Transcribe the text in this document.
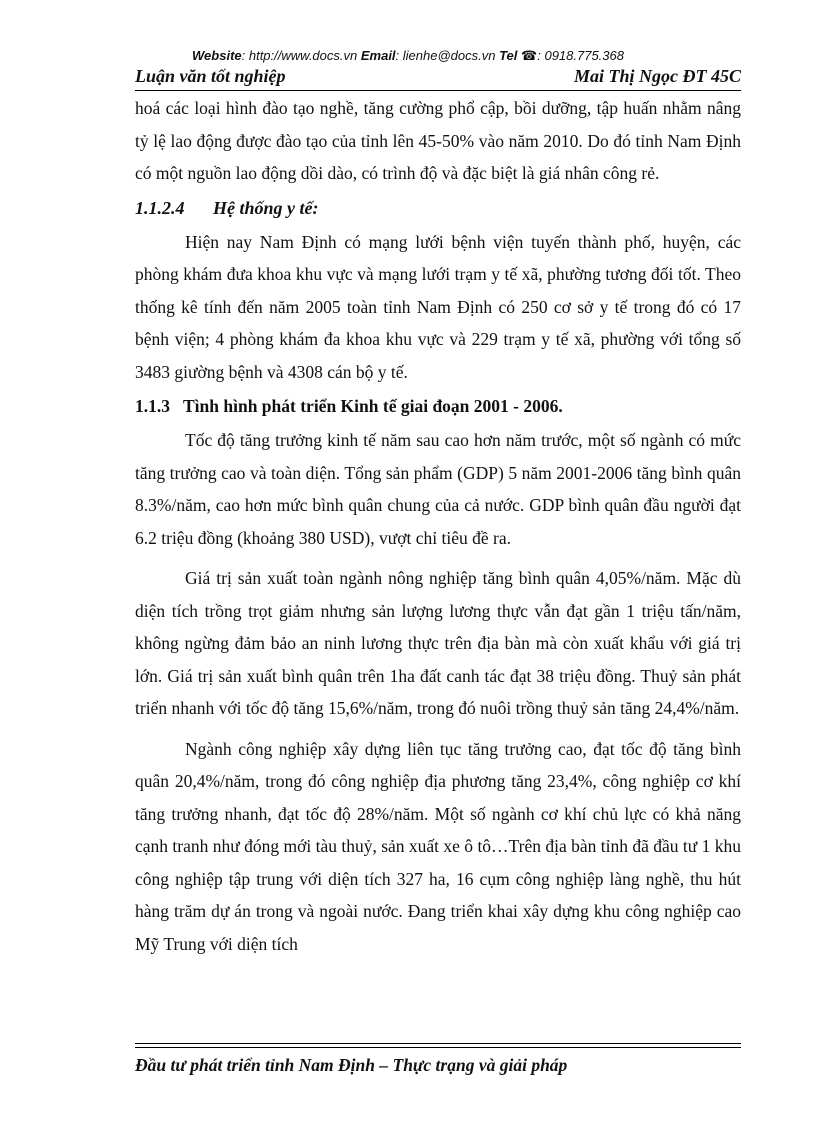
Website: http://www.docs.vn Email: lienhe@docs.vn Tel ☎: 0918.775.368
Luận văn tốt nghiệp	Mai Thị Ngọc ĐT 45C

hoá các loại hình đào tạo nghề, tăng cường phổ cập, bồi dưỡng, tập huấn nhằm nâng tỷ lệ lao động được đào tạo của tỉnh lên 45-50% vào năm 2010. Do đó tỉnh Nam Định có một nguồn lao động dồi dào, có trình độ và đặc biệt là giá nhân công rẻ.

1.1.2.4 Hệ thống y tế:

Hiện nay Nam Định có mạng lưới bệnh viện tuyến thành phố, huyện, các phòng khám đưa khoa khu vực và mạng lưới trạm y tế xã, phường tương đối tốt. Theo thống kê tính đến năm 2005 toàn tỉnh Nam Định có 250 cơ sở y tế trong đó có 17 bệnh viện; 4 phòng khám đa khoa khu vực và 229 trạm y tế xã, phường với tổng số 3483 giường bệnh và 4308 cán bộ y tế.

1.1.3 Tình hình phát triển Kinh tế giai đoạn 2001 - 2006.

Tốc độ tăng trưởng kinh tế năm sau cao hơn năm trước, một số ngành có mức tăng trưởng cao và toàn diện. Tổng sản phẩm (GDP) 5 năm 2001-2006 tăng bình quân 8.3%/năm, cao hơn mức bình quân chung của cả nước. GDP bình quân đầu người đạt 6.2 triệu đồng (khoảng 380 USD), vượt chỉ tiêu đề ra.

Giá trị sản xuất toàn ngành nông nghiệp tăng bình quân 4,05%/năm. Mặc dù diện tích trồng trọt giảm nhưng sản lượng lương thực vẫn đạt gần 1 triệu tấn/năm, không ngừng đảm bảo an ninh lương thực trên địa bàn mà còn xuất khẩu với giá trị lớn. Giá trị sản xuất bình quân trên 1ha đất canh tác đạt 38 triệu đồng. Thuỷ sản phát triển nhanh với tốc độ tăng 15,6%/năm, trong đó nuôi trồng thuỷ sản tăng 24,4%/năm.

Ngành công nghiệp xây dựng liên tục tăng trưởng cao, đạt tốc độ tăng bình quân 20,4%/năm, trong đó công nghiệp địa phương tăng 23,4%, công nghiệp cơ khí tăng trưởng nhanh, đạt tốc độ 28%/năm. Một số ngành cơ khí chủ lực có khả năng cạnh tranh như đóng mới tàu thuỷ, sản xuất xe ô tô…Trên địa bàn tỉnh đã đầu tư 1 khu công nghiệp tập trung với diện tích 327 ha, 16 cụm công nghiệp làng nghề, thu hút hàng trăm dự án trong và ngoài nước. Đang triển khai xây dựng khu công nghiệp cao Mỹ Trung với diện tích

Đầu tư phát triển tỉnh Nam Định – Thực trạng và giải pháp
